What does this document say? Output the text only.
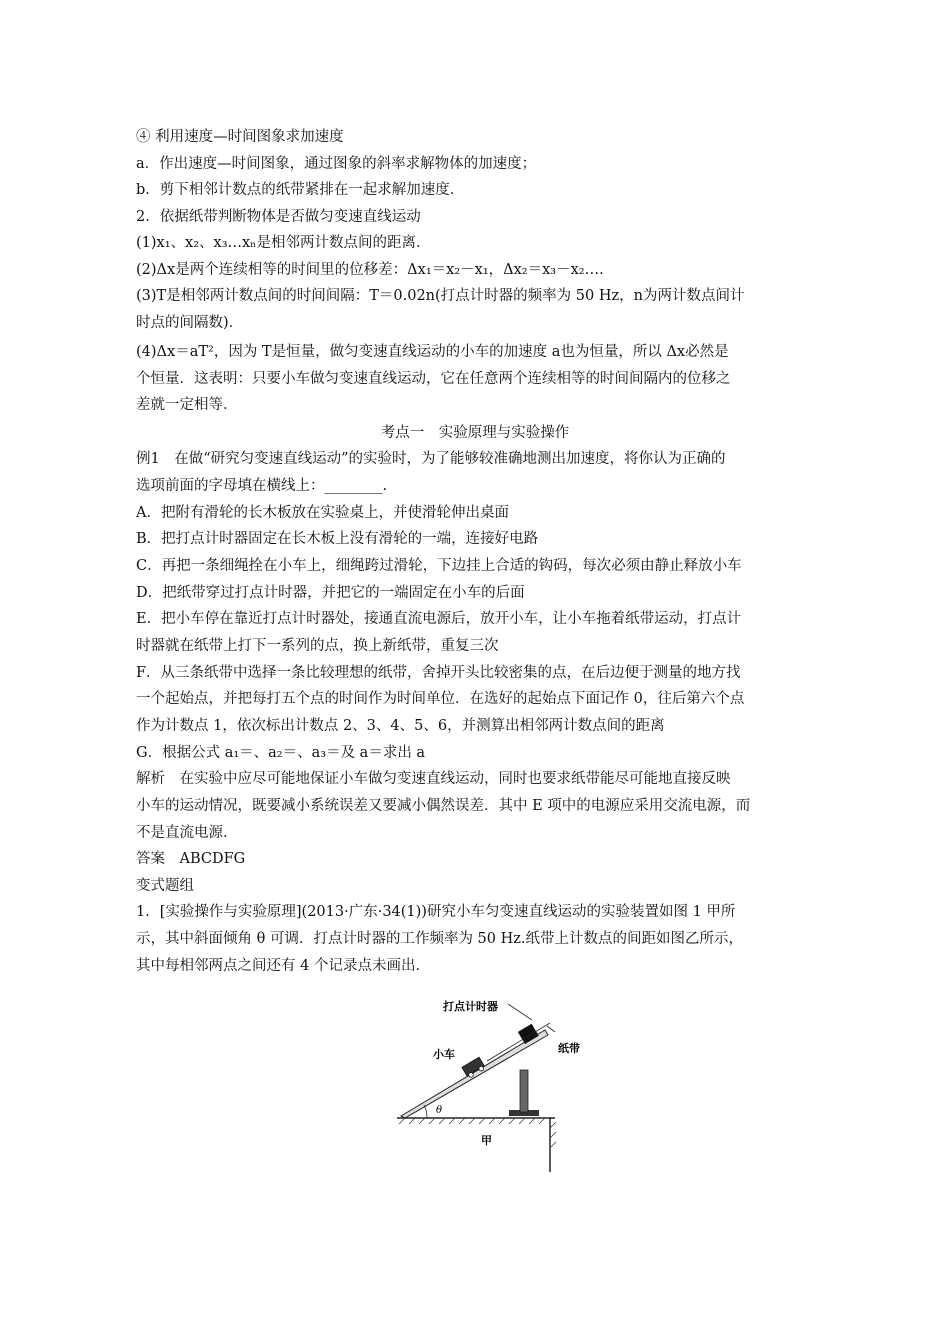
④ 利用速度—时间图象求加速度
a．作出速度—时间图象，通过图象的斜率求解物体的加速度；
b．剪下相邻计数点的纸带紧排在一起求解加速度．
2．依据纸带判断物体是否做匀变速直线运动
(1)x₁、x₂、x₃…xₙ是相邻两计数点间的距离．
(2)Δx是两个连续相等的时间里的位移差：Δx₁＝x₂－x₁，Δx₂＝x₃－x₂….
(3)T是相邻两计数点间的时间间隔：T＝0.02n(打点计时器的频率为 50 Hz，n为两计数点间计
时点的间隔数)．
(4)Δx＝aT²，因为 T是恒量，做匀变速直线运动的小车的加速度 a也为恒量，所以 Δx必然是
个恒量．这表明：只要小车做匀变速直线运动，它在任意两个连续相等的时间间隔内的位移之
差就一定相等．
考点一　实验原理与实验操作
例1　在做“研究匀变速直线运动”的实验时，为了能够较准确地测出加速度，将你认为正确的
选项前面的字母填在横线上：________.
A．把附有滑轮的长木板放在实验桌上，并使滑轮伸出桌面
B．把打点计时器固定在长木板上没有滑轮的一端，连接好电路
C．再把一条细绳拴在小车上，细绳跨过滑轮，下边挂上合适的钩码，每次必须由静止释放小车
D．把纸带穿过打点计时器，并把它的一端固定在小车的后面
E．把小车停在靠近打点计时器处，接通直流电源后，放开小车，让小车拖着纸带运动，打点计
时器就在纸带上打下一系列的点，换上新纸带，重复三次
F．从三条纸带中选择一条比较理想的纸带，舍掉开头比较密集的点，在后边便于测量的地方找
一个起始点，并把每打五个点的时间作为时间单位．在选好的起始点下面记作 0，往后第六个点
作为计数点 1，依次标出计数点 2、3、4、5、6，并测算出相邻两计数点间的距离
G．根据公式 a₁＝、a₂＝、a₃＝及 a＝求出 a
解析　在实验中应尽可能地保证小车做匀变速直线运动，同时也要求纸带能尽可能地直接反映
小车的运动情况，既要减小系统误差又要减小偶然误差．其中 E 项中的电源应采用交流电源，而
不是直流电源．
答案　ABCDFG
变式题组
1．[实验操作与实验原理](2013·广东·34(1))研究小车匀变速直线运动的实验装置如图 1 甲所
示，其中斜面倾角 θ 可调．打点计时器的工作频率为 50 Hz.纸带上计数点的间距如图乙所示，
其中每相邻两点之间还有 4 个记录点未画出．
打点计时器
小车	纸带
θ
甲
